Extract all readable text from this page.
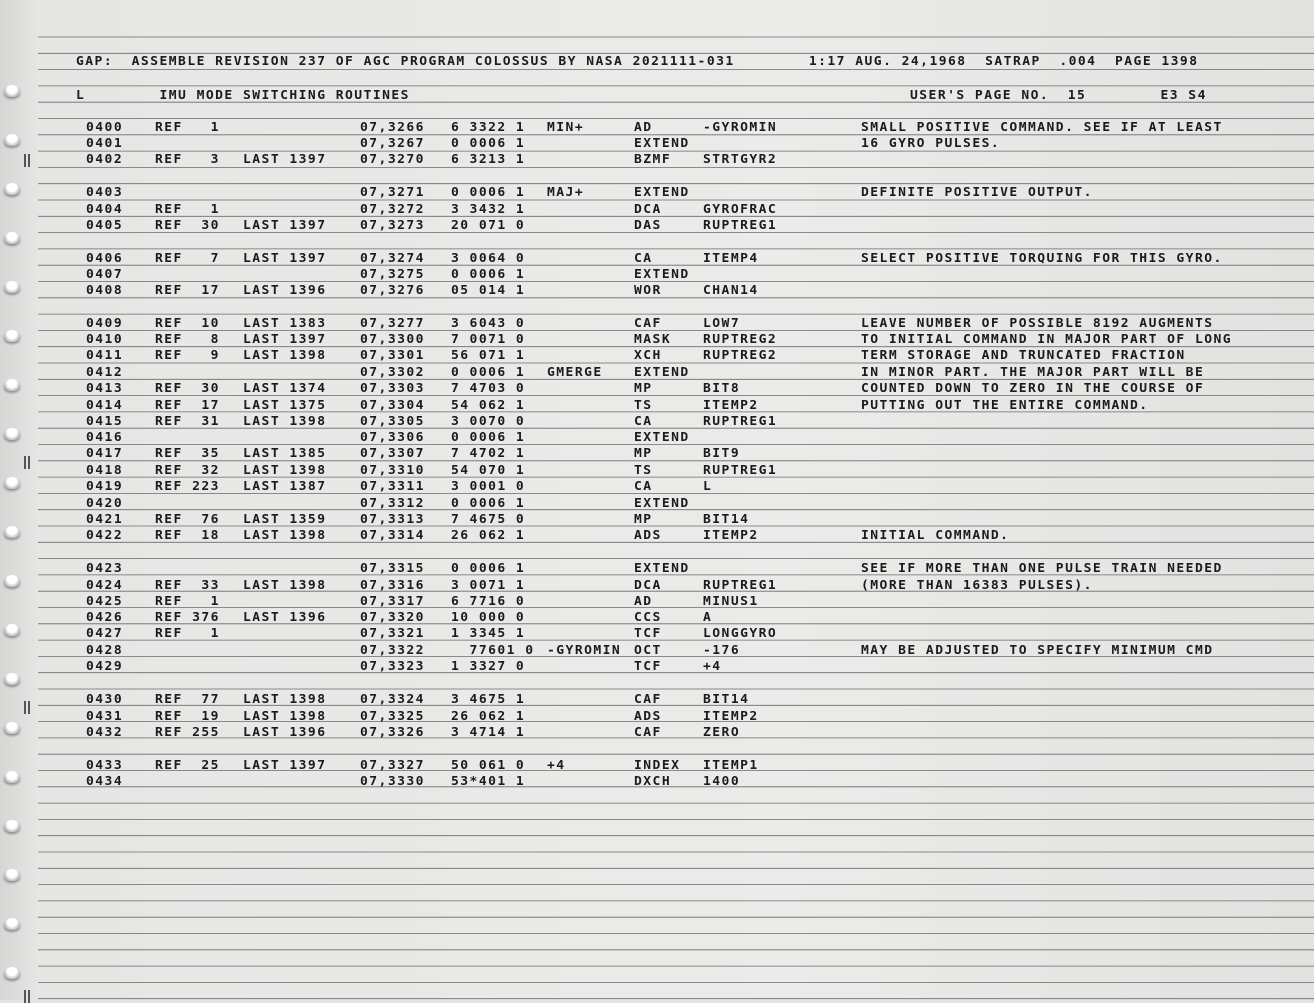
GAP:  ASSEMBLE REVISION 237 OF AGC PROGRAM COLOSSUS BY NASA 2021111-031        1:17 AUG. 24,1968  SATRAP  .004  PAGE 1398
L        IMU MODE SWITCHING ROUTINES	USER'S PAGE NO.  15        E3 S4
0400 REF   1	07,3266 6 3322 1 MIN+	AD	-GYROMIN	SMALL POSITIVE COMMAND. SEE IF AT LEAST
0401	07,3267 0 0006 1	EXTEND	16 GYRO PULSES.
0402 REF   3 LAST 1397	07,3270 6 3213 1	BZMF STRTGYR2
0403	07,3271 0 0006 1 MAJ+	EXTEND	DEFINITE POSITIVE OUTPUT.
0404 REF   1	07,3272 3 3432 1	DCA	GYROFRAC
0405 REF  30 LAST 1397	07,3273 20 071 0	DAS	RUPTREG1
0406 REF   7 LAST 1397	07,3274 3 0064 0	CA	ITEMP4	SELECT POSITIVE TORQUING FOR THIS GYRO.
0407	07,3275 0 0006 1	EXTEND
0408 REF  17 LAST 1396	07,3276 05 014 1	WOR	CHAN14
0409 REF  10 LAST 1383	07,3277 3 6043 0	CAF	LOW7	LEAVE NUMBER OF POSSIBLE 8192 AUGMENTS
0410 REF   8 LAST 1397	07,3300 7 0071 0	MASK RUPTREG2	TO INITIAL COMMAND IN MAJOR PART OF LONG
0411 REF   9 LAST 1398	07,3301 56 071 1	XCH	RUPTREG2	TERM STORAGE AND TRUNCATED FRACTION
0412	07,3302 0 0006 1 GMERGE EXTEND	IN MINOR PART. THE MAJOR PART WILL BE
0413 REF  30 LAST 1374	07,3303 7 4703 0	MP	BIT8	COUNTED DOWN TO ZERO IN THE COURSE OF
0414 REF  17 LAST 1375	07,3304 54 062 1	TS	ITEMP2	PUTTING OUT THE ENTIRE COMMAND.
0415 REF  31 LAST 1398	07,3305 3 0070 0	CA	RUPTREG1
0416	07,3306 0 0006 1	EXTEND
0417 REF  35 LAST 1385	07,3307 7 4702 1	MP	BIT9
0418 REF  32 LAST 1398	07,3310 54 070 1	TS	RUPTREG1
0419 REF 223 LAST 1387	07,3311 3 0001 0	CA	L
0420	07,3312 0 0006 1	EXTEND
0421 REF  76 LAST 1359	07,3313 7 4675 0	MP	BIT14
0422 REF  18 LAST 1398	07,3314 26 062 1	ADS	ITEMP2	INITIAL COMMAND.
0423	07,3315 0 0006 1	EXTEND	SEE IF MORE THAN ONE PULSE TRAIN NEEDED
0424 REF  33 LAST 1398	07,3316 3 0071 1	DCA	RUPTREG1	(MORE THAN 16383 PULSES).
0425 REF   1	07,3317 6 7716 0	AD	MINUS1
0426 REF 376 LAST 1396	07,3320 10 000 0	CCS	A
0427 REF   1	07,3321 1 3345 1	TCF	LONGGYRO
0428	07,3322 77601 0 -GYROMIN OCT	-176	MAY BE ADJUSTED TO SPECIFY MINIMUM CMD
0429	07,3323 1 3327 0	TCF	+4
0430 REF  77 LAST 1398	07,3324 3 4675 1	CAF	BIT14
0431 REF  19 LAST 1398	07,3325 26 062 1	ADS	ITEMP2
0432 REF 255 LAST 1396	07,3326 3 4714 1	CAF	ZERO
0433 REF  25 LAST 1397	07,3327 50 061 0 +4	INDEX ITEMP1
0434	07,3330 53*401 1	DXCH 1400
